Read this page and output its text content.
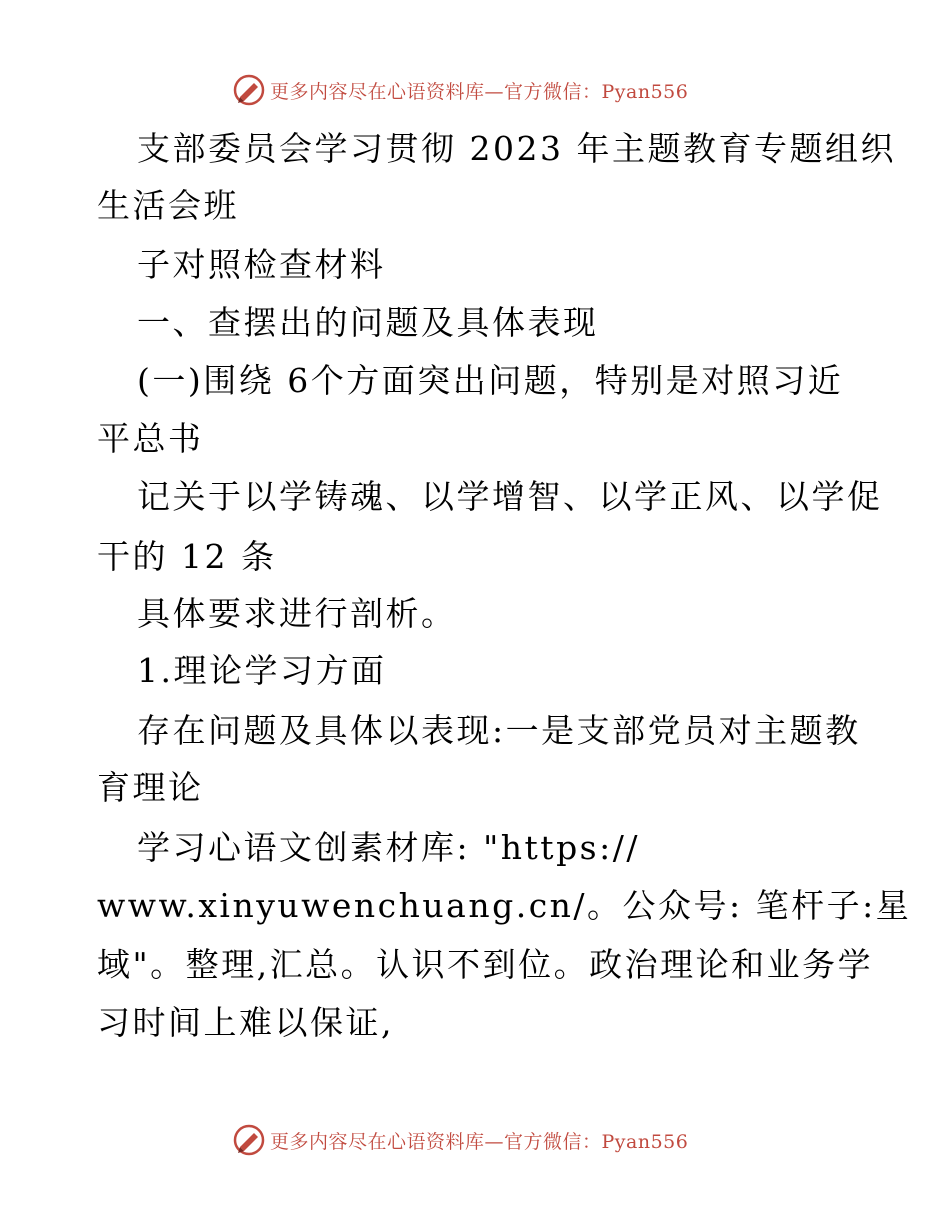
更多内容尽在心语资料库—官方微信：Pyan556
支部委员会学习贯彻 2023 年主题教育专题组织
生活会班
子对照检查材料
一、查摆出的问题及具体表现
(一)围绕 6个方面突出问题，特别是对照习近
平总书
记关于以学铸魂、以学增智、以学正风、以学促
干的 12 条
具体要求进行剖析。
1.理论学习方面
存在问题及具体以表现:一是支部党员对主题教
育理论
学习心语文创素材库: "https://
www.xinyuwenchuang.cn/。公众号: 笔杆子:星
域"。整理,汇总。认识不到位。政治理论和业务学
习时间上难以保证,
更多内容尽在心语资料库—官方微信：Pyan556
